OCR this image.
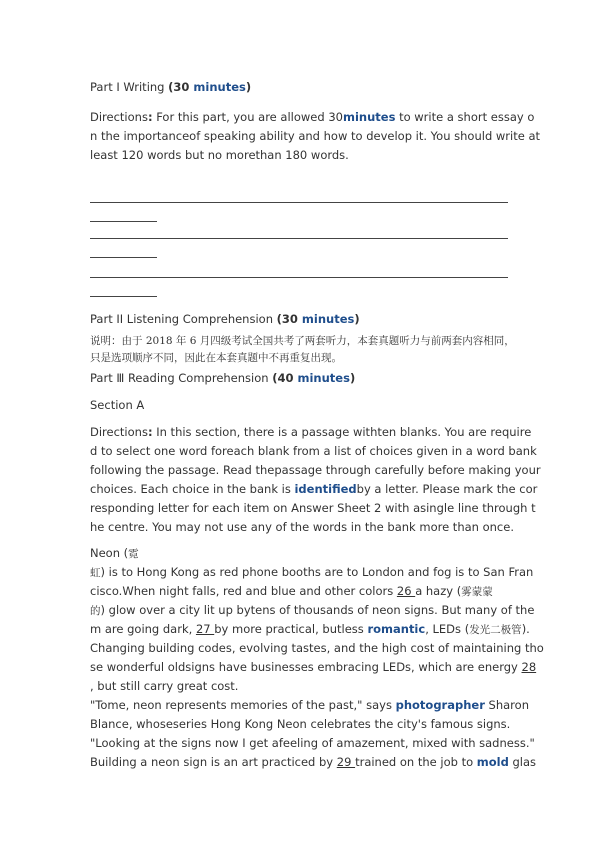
Part I Writing (30 minutes)
Directions: For this part, you are allowed 30minutes to write a short essay o
n the importanceof speaking ability and how to develop it. You should write at
least 120 words but no morethan 180 words.
Part II Listening Comprehension (30 minutes)
说明：由于 2018 年 6 月四级考试全国共考了两套听力，本套真题听力与前两套内容相同，
只是选项顺序不同，因此在本套真题中不再重复出现。
Part Ⅲ Reading Comprehension (40 minutes)
Section A
Directions: In this section, there is a passage withten blanks. You are require
d to select one word foreach blank from a list of choices given in a word bank
following the passage. Read thepassage through carefully before making your
choices. Each choice in the bank is identifiedby a letter. Please mark the cor
responding letter for each item on Answer Sheet 2 with asingle line through t
he centre. You may not use any of the words in the bank more than once.
Neon (霓
虹) is to Hong Kong as red phone booths are to London and fog is to San Fran
cisco.When night falls, red and blue and other colors 26 a hazy (雾蒙蒙
的) glow over a city lit up bytens of thousands of neon signs. But many of the
m are going dark, 27 by more practical, butless romantic, LEDs (发光二极管).
Changing building codes, evolving tastes, and the high cost of maintaining tho
se wonderful oldsigns have businesses embracing LEDs, which are energy 28
, but still carry great cost.
"Tome, neon represents memories of the past," says photographer Sharon
Blance, whoseseries Hong Kong Neon celebrates the city's famous signs.
"Looking at the signs now I get afeeling of amazement, mixed with sadness."
Building a neon sign is an art practiced by 29 trained on the job to mold glas
